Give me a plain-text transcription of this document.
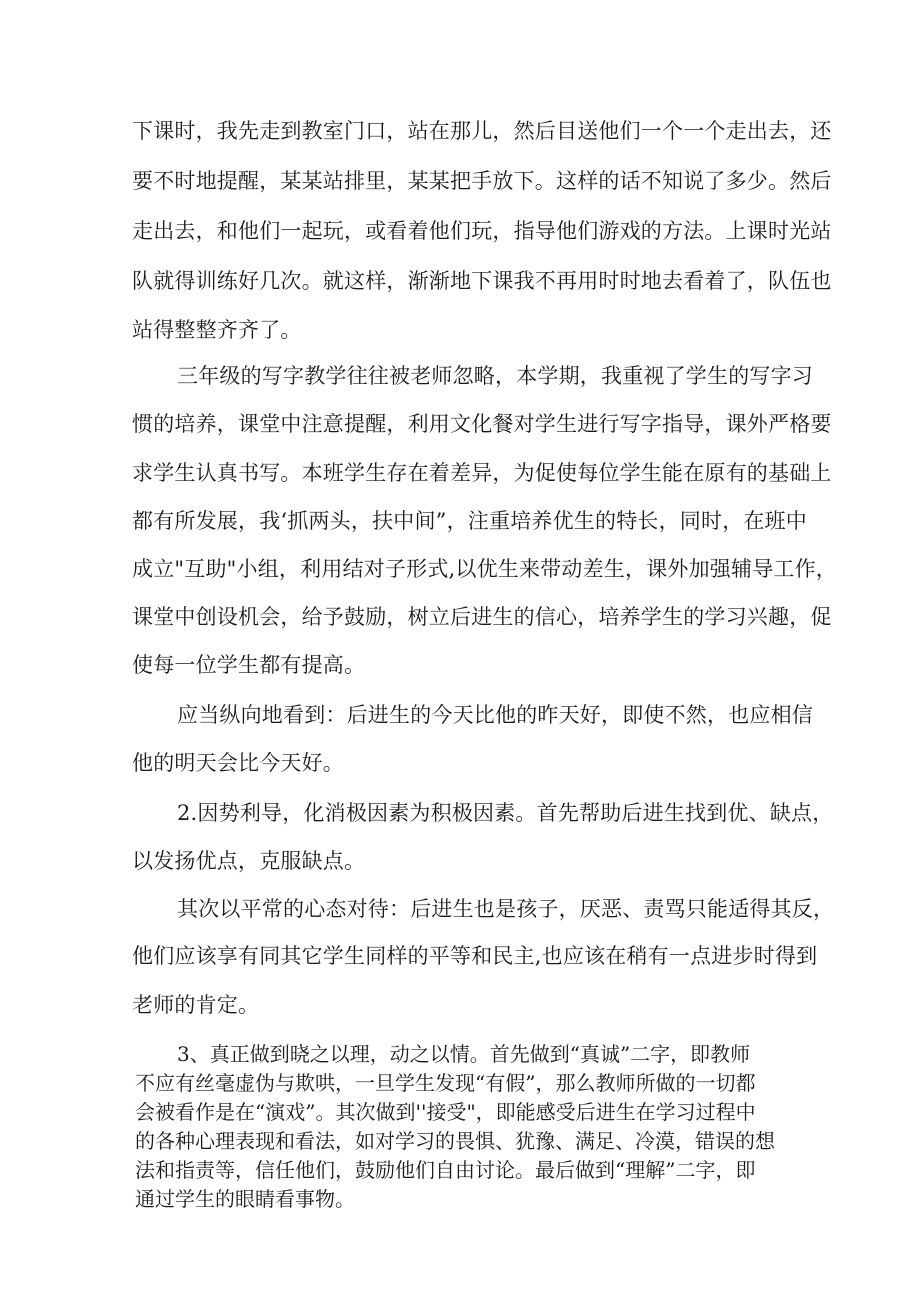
下课时，我先走到教室门口，站在那儿，然后目送他们一个一个走出去，还
要不时地提醒，某某站排里，某某把手放下。这样的话不知说了多少。然后
走出去，和他们一起玩，或看着他们玩，指导他们游戏的方法。上课时光站
队就得训练好几次。就这样，渐渐地下课我不再用时时地去看着了，队伍也
站得整整齐齐了。
三年级的写字教学往往被老师忽略，本学期，我重视了学生的写字习
惯的培养，课堂中注意提醒，利用文化餐对学生进行写字指导，课外严格要
求学生认真书写。本班学生存在着差异，为促使每位学生能在原有的基础上
都有所发展，我‘抓两头，扶中间”，注重培养优生的特长，同时，在班中
成立"互助"小组，利用结对子形式,以优生来带动差生，课外加强辅导工作，
课堂中创设机会，给予鼓励，树立后进生的信心，培养学生的学习兴趣，促
使每一位学生都有提高。
应当纵向地看到：后进生的今天比他的昨天好，即使不然，也应相信
他的明天会比今天好。
2.因势利导，化消极因素为积极因素。首先帮助后进生找到优、缺点，
以发扬优点，克服缺点。
其次以平常的心态对待：后进生也是孩子，厌恶、责骂只能适得其反，
他们应该享有同其它学生同样的平等和民主,也应该在稍有一点进步时得到
老师的肯定。
3、真正做到晓之以理，动之以情。首先做到“真诚”二字，即教师
不应有丝毫虚伪与欺哄，一旦学生发现“有假”，那么教师所做的一切都
会被看作是在“演戏”。其次做到''接受"，即能感受后进生在学习过程中
的各种心理表现和看法，如对学习的畏惧、犹豫、满足、冷漠，错误的想
法和指责等，信任他们，鼓励他们自由讨论。最后做到“理解”二字，即
通过学生的眼睛看事物。
